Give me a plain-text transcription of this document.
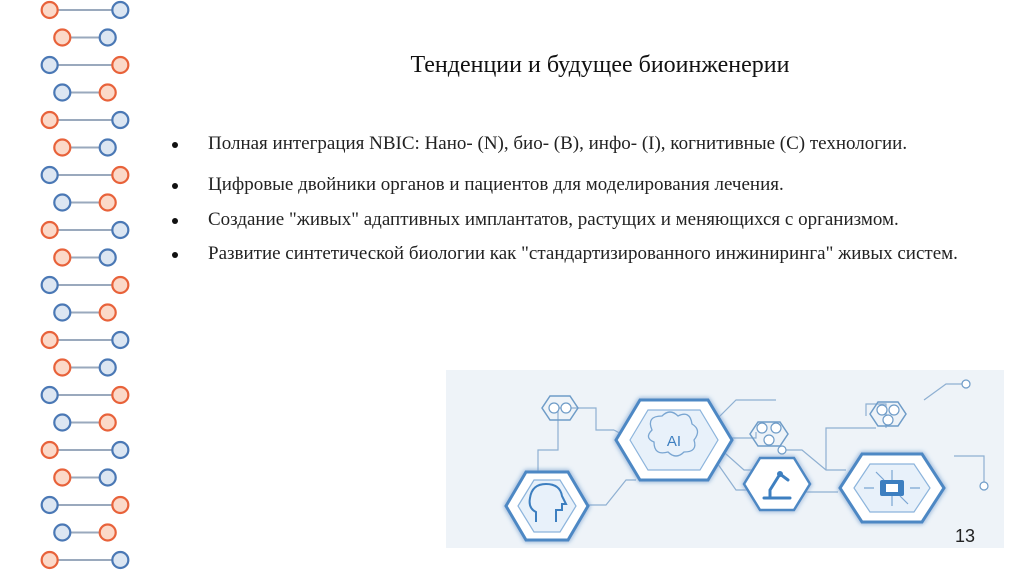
Тенденции и будущее биоинженерии
Полная интеграция NBIC: Нано- (N), био- (B), инфо- (I), когнитивные (C) технологии.
Цифровые двойники органов и пациентов для моделирования лечения.
Создание "живых" адаптивных имплантатов, растущих и меняющихся с организмом.
Развитие синтетической биологии как "стандартизированного инжиниринга" живых систем.
AI
13
